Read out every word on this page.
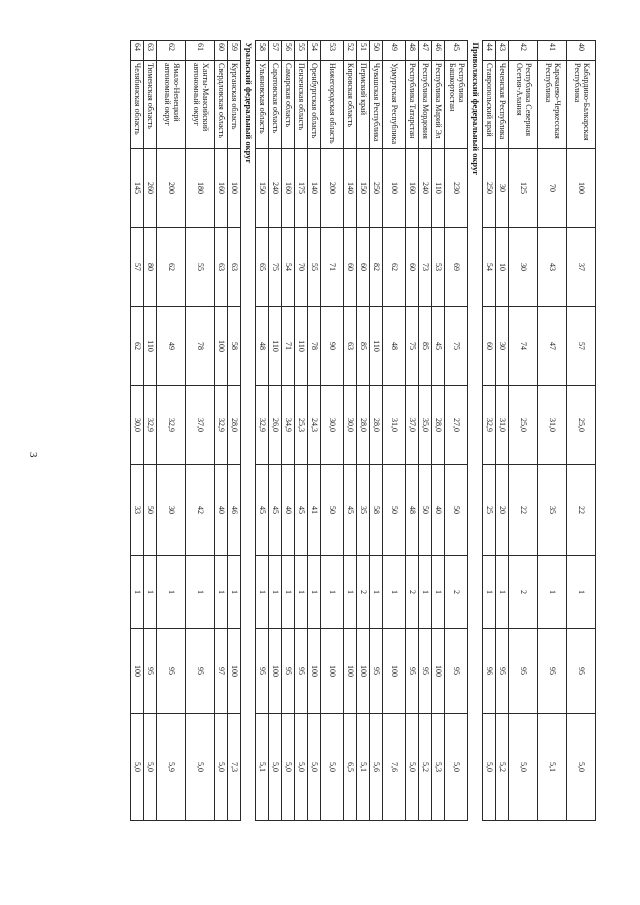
3
40	Кабардино-Балкарская Республика	100	37	57	25,0	22	1	95	5,0
41	Карачаево-Черкесская Республика	70	43	47	31,0	35	1	95	5,1
42	Республика Северная Осетия-Алания	125	30	74	25,0	22	2	95	5,0
43	Чеченская Республика	30	10	30	31,0	20	1	95	5,2
44	Ставропольский край	250	54	60	32,9	25	1	96	5,0
Приволжский федеральный округ									
45	Республика Башкортостан	230	69	75	27,0	50	2	95	5,0
46	Республика Марий Эл	110	53	45	28,0	40	1	100	5,3
47	Республика Мордовия	240	73	85	35,0	50	1	95	5,2
48	Республика Татарстан	160	60	75	37,0	48	2	95	5,0
49	Удмуртская Республика	100	62	48	31,0	50	1	100	7,6
50	Чувашская Республика	250	82	110	28,0	58	1	95	5,6
51	Пермский край	150	60	85	28,0	35	2	100	5,1
52	Кировская область	140	60	63	30,0	45	1	100	6,5
53	Нижегородская область	200	71	90	30,0	50	1	100	5,0
54	Оренбургская область	140	55	78	24,3	41	1	100	5,0
55	Пензенская область	175	70	110	25,3	45	1	95	5,0
56	Самарская область	160	54	71	34,9	40	1	95	5,0
57	Саратовская область	240	75	110	26,0	45	1	100	5,0
58	Ульяновская область	150	65	48	32,9	45	1	95	5,1
Уральский федеральный округ									
59	Курганская область	100	63	58	28,0	46	1	100	7,3
60	Свердловская область	160	63	100	32,9	40	1	97	5,0
61	Ханты-Мансийский автономный округ	180	55	78	37,0	42	1	95	5,0
62	Ямало-Ненецкий автономный округ	200	62	49	32,9	30	1	95	5,9
63	Тюменская область	260	80	110	32,9	50	1	95	5,0
64	Челябинская область	145	57	62	30,0	33	1	100	5,0
